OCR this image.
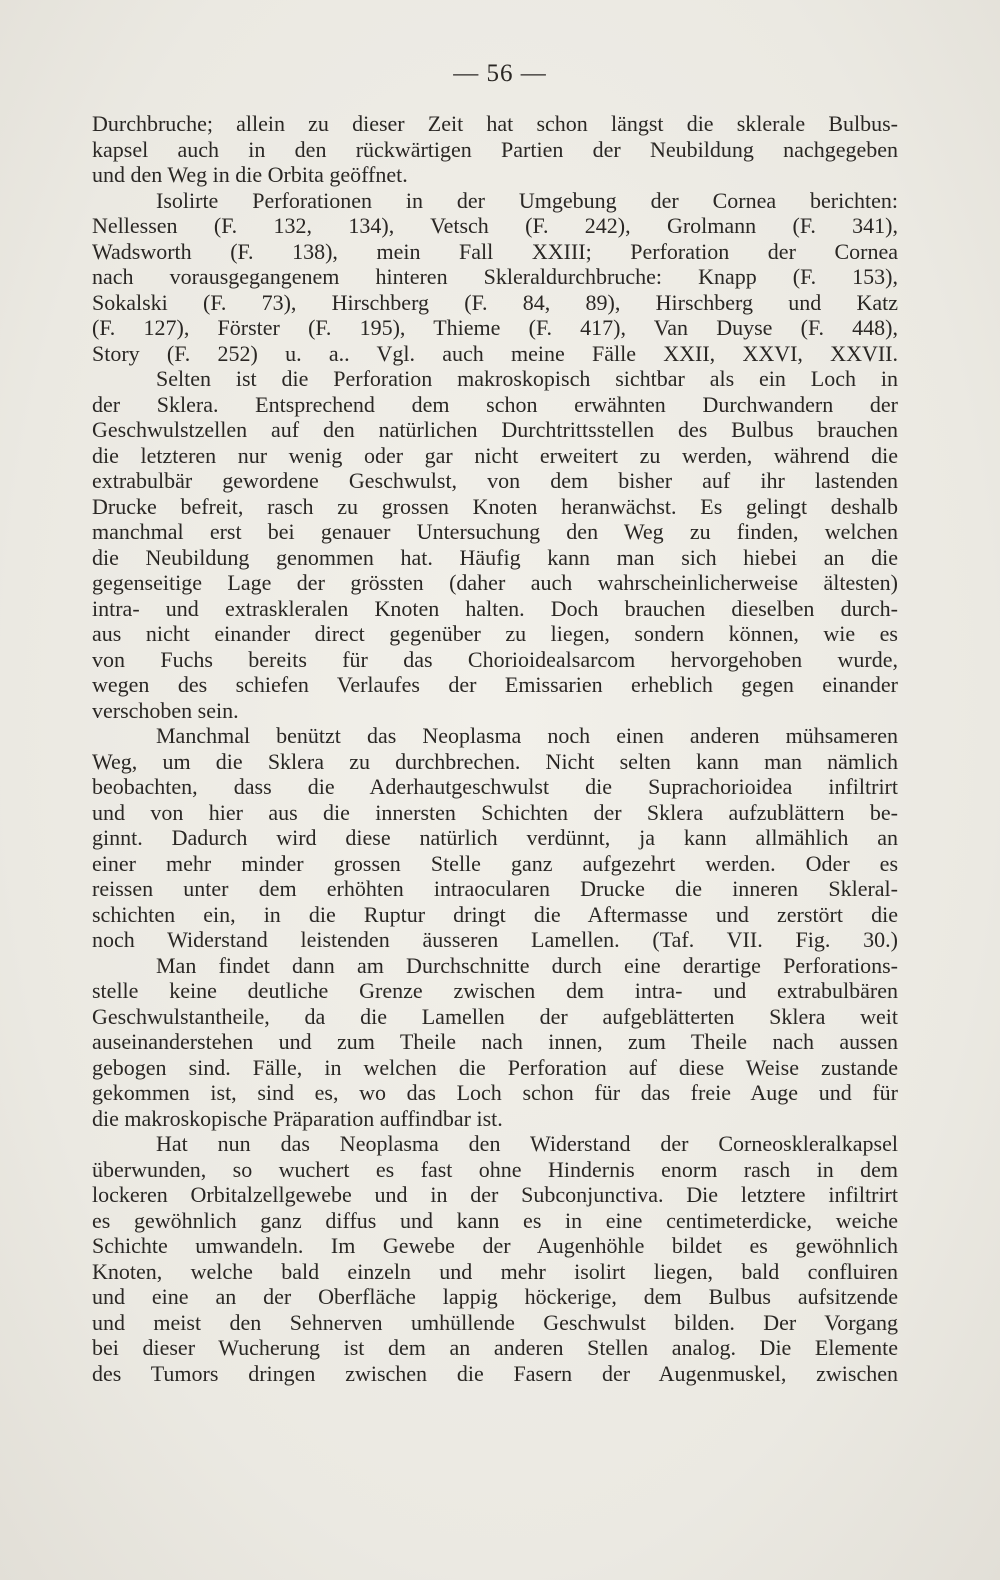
— 56 —
Durchbruche; allein zu dieser Zeit hat schon längst die sklerale Bulbus-
kapsel auch in den rückwärtigen Partien der Neubildung nachgegeben
und den Weg in die Orbita geöffnet.
Isolirte Perforationen in der Umgebung der Cornea berichten:
Nellessen (F. 132, 134), Vetsch (F. 242), Grolmann (F. 341),
Wadsworth (F. 138), mein Fall XXIII; Perforation der Cornea
nach vorausgegangenem hinteren Skleraldurchbruche: Knapp (F. 153),
Sokalski (F. 73), Hirschberg (F. 84, 89), Hirschberg und Katz
(F. 127), Förster (F. 195), Thieme (F. 417), Van Duyse (F. 448),
Story (F. 252) u. a.. Vgl. auch meine Fälle XXII, XXVI, XXVII.
Selten ist die Perforation makroskopisch sichtbar als ein Loch in
der Sklera. Entsprechend dem schon erwähnten Durchwandern der
Geschwulstzellen auf den natürlichen Durchtrittsstellen des Bulbus brauchen
die letzteren nur wenig oder gar nicht erweitert zu werden, während die
extrabulbär gewordene Geschwulst, von dem bisher auf ihr lastenden
Drucke befreit, rasch zu grossen Knoten heranwächst. Es gelingt deshalb
manchmal erst bei genauer Untersuchung den Weg zu finden, welchen
die Neubildung genommen hat. Häufig kann man sich hiebei an die
gegenseitige Lage der grössten (daher auch wahrscheinlicherweise ältesten)
intra- und extraskleralen Knoten halten. Doch brauchen dieselben durch-
aus nicht einander direct gegenüber zu liegen, sondern können, wie es
von Fuchs bereits für das Chorioidealsarcom hervorgehoben wurde,
wegen des schiefen Verlaufes der Emissarien erheblich gegen einander
verschoben sein.
Manchmal benützt das Neoplasma noch einen anderen mühsameren
Weg, um die Sklera zu durchbrechen. Nicht selten kann man nämlich
beobachten, dass die Aderhautgeschwulst die Suprachorioidea infiltrirt
und von hier aus die innersten Schichten der Sklera aufzublättern be-
ginnt. Dadurch wird diese natürlich verdünnt, ja kann allmählich an
einer mehr minder grossen Stelle ganz aufgezehrt werden. Oder es
reissen unter dem erhöhten intraocularen Drucke die inneren Skleral-
schichten ein, in die Ruptur dringt die Aftermasse und zerstört die
noch Widerstand leistenden äusseren Lamellen. (Taf. VII. Fig. 30.)
Man findet dann am Durchschnitte durch eine derartige Perforations-
stelle keine deutliche Grenze zwischen dem intra- und extrabulbären
Geschwulstantheile, da die Lamellen der aufgeblätterten Sklera weit
auseinanderstehen und zum Theile nach innen, zum Theile nach aussen
gebogen sind. Fälle, in welchen die Perforation auf diese Weise zustande
gekommen ist, sind es, wo das Loch schon für das freie Auge und für
die makroskopische Präparation auffindbar ist.
Hat nun das Neoplasma den Widerstand der Corneoskleralkapsel
überwunden, so wuchert es fast ohne Hindernis enorm rasch in dem
lockeren Orbitalzellgewebe und in der Subconjunctiva. Die letztere infiltrirt
es gewöhnlich ganz diffus und kann es in eine centimeterdicke, weiche
Schichte umwandeln. Im Gewebe der Augenhöhle bildet es gewöhnlich
Knoten, welche bald einzeln und mehr isolirt liegen, bald confluiren
und eine an der Oberfläche lappig höckerige, dem Bulbus aufsitzende
und meist den Sehnerven umhüllende Geschwulst bilden. Der Vorgang
bei dieser Wucherung ist dem an anderen Stellen analog. Die Elemente
des Tumors dringen zwischen die Fasern der Augenmuskel, zwischen
